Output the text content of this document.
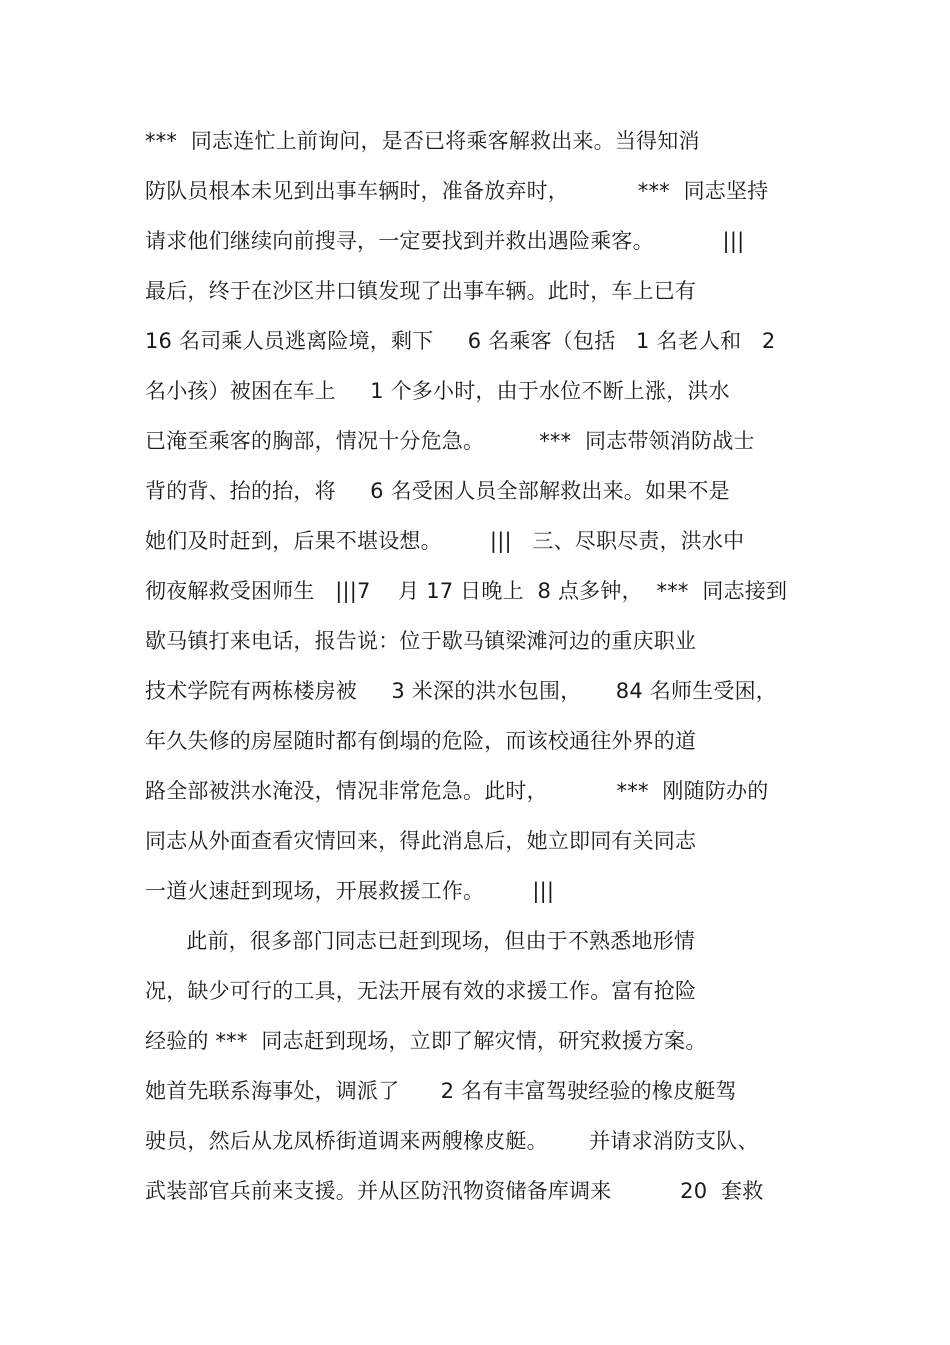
***  同志连忙上前询问，是否已将乘客解救出来。当得知消
防队员根本未见到出事车辆时，准备放弃时，          ***  同志坚持
请求他们继续向前搜寻，一定要找到并救出遇险乘客。          |||
最后，终于在沙区井口镇发现了出事车辆。此时，车上已有
16 名司乘人员逃离险境，剩下     6 名乘客（包括   1 名老人和   2
名小孩）被困在车上     1 个多小时，由于水位不断上涨，洪水
已淹至乘客的胸部，情况十分危急。        ***  同志带领消防战士
背的背、抬的抬，将     6 名受困人员全部解救出来。如果不是
她们及时赶到，后果不堪设想。       |||   三、尽职尽责，洪水中
彻夜解救受困师生   |||7    月 17 日晚上  8 点多钟，  ***  同志接到
歇马镇打来电话，报告说：位于歇马镇梁滩河边的重庆职业
技术学院有两栋楼房被     3 米深的洪水包围，     84 名师生受困，
年久失修的房屋随时都有倒塌的危险，而该校通往外界的道
路全部被洪水淹没，情况非常危急。此时，          ***  刚随防办的
同志从外面查看灾情回来，得此消息后，她立即同有关同志
一道火速赶到现场，开展救援工作。       |||
此前，很多部门同志已赶到现场，但由于不熟悉地形情
况，缺少可行的工具，无法开展有效的求援工作。富有抢险
经验的 ***  同志赶到现场，立即了解灾情，研究救援方案。
她首先联系海事处，调派了      2 名有丰富驾驶经验的橡皮艇驾
驶员，然后从龙凤桥街道调来两艘橡皮艇。      并请求消防支队、
武装部官兵前来支援。并从区防汛物资储备库调来          20  套救
